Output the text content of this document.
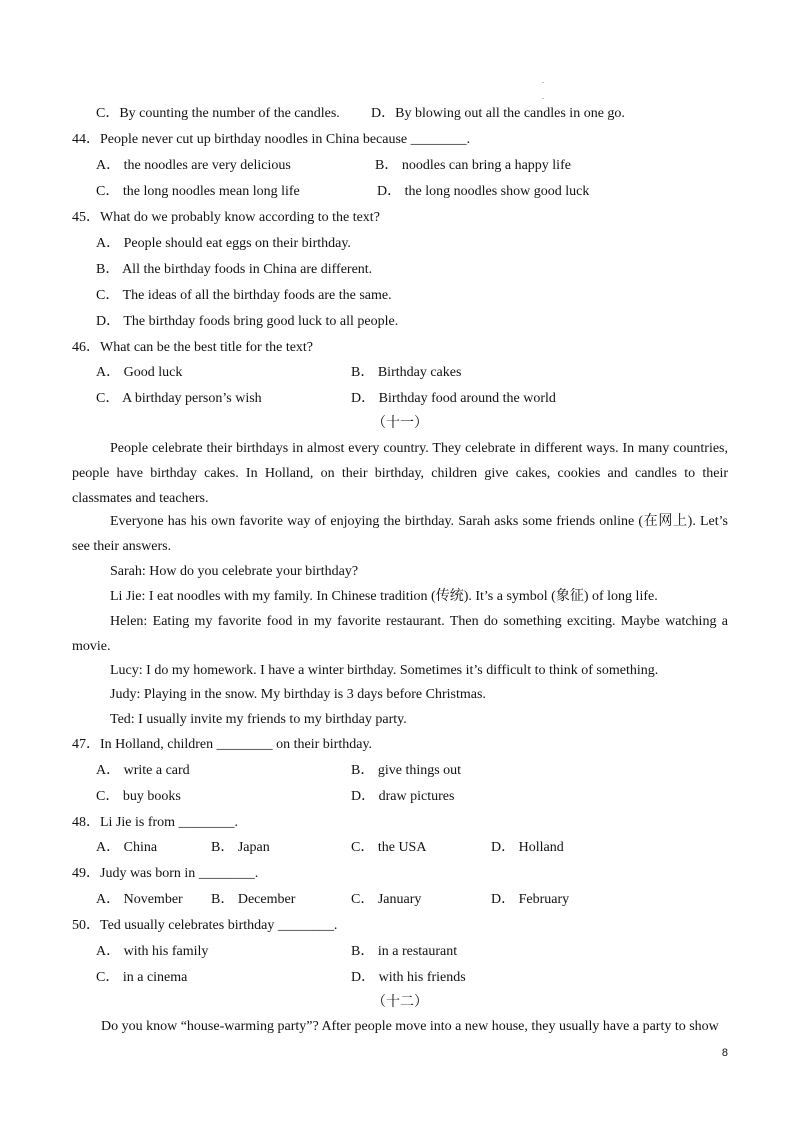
.
.
C．By counting the number of the candles. D．By blowing out all the candles in one go.
44．People never cut up birthday noodles in China because ________.
A． the noodles are very delicious	B． noodles can bring a happy life
C． the long noodles mean long life	D． the long noodles show good luck
45．What do we probably know according to the text?
A． People should eat eggs on their birthday.
B． All the birthday foods in China are different.
C． The ideas of all the birthday foods are the same.
D． The birthday foods bring good luck to all people.
46．What can be the best title for the text?
A． Good luck	B． Birthday cakes
C． A birthday person’s wish	D． Birthday food around the world
（十一）
People celebrate their birthdays in almost every country. They celebrate in different ways. In many countries, people have birthday cakes. In Holland, on their birthday, children give cakes, cookies and candles to their classmates and teachers.
Everyone has his own favorite way of enjoying the birthday. Sarah asks some friends online (在网上). Let’s see their answers.
Sarah: How do you celebrate your birthday?
Li Jie: I eat noodles with my family. In Chinese tradition (传统). It’s a symbol (象征) of long life.
Helen: Eating my favorite food in my favorite restaurant. Then do something exciting. Maybe watching a movie.
Lucy: I do my homework. I have a winter birthday. Sometimes it’s difficult to think of something.
Judy: Playing in the snow. My birthday is 3 days before Christmas.
Ted: I usually invite my friends to my birthday party.
47．In Holland, children ________ on their birthday.
A． write a card	B． give things out
C． buy books	D． draw pictures
48．Li Jie is from ________.
A． China	B． Japan	C． the USA	D． Holland
49．Judy was born in ________.
A． November B． December	C． January	D． February
50．Ted usually celebrates birthday ________.
A． with his family	B． in a restaurant
C． in a cinema	D． with his friends
（十二）
Do you know “house-warming party”? After people move into a new house, they usually have a party to show
8
